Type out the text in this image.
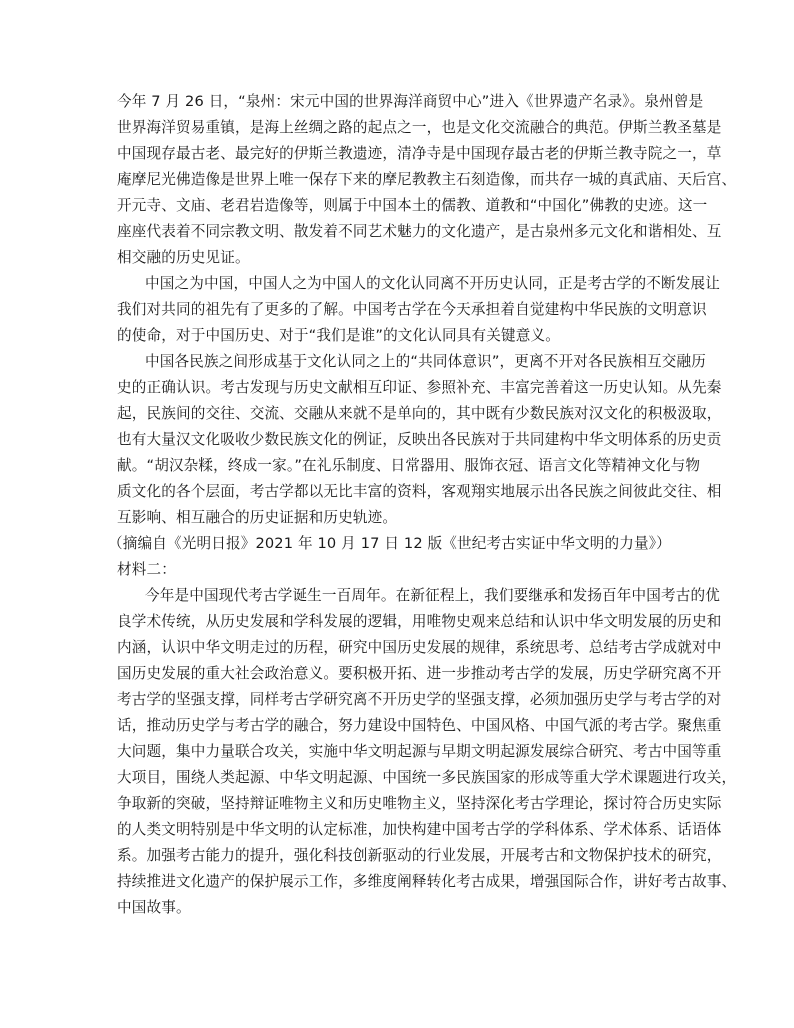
今年 7 月 26 日，“泉州：宋元中国的世界海洋商贸中心”进入《世界遗产名录》。泉州曾是
世界海洋贸易重镇，是海上丝绸之路的起点之一，也是文化交流融合的典范。伊斯兰教圣墓是
中国现存最古老、最完好的伊斯兰教遗迹，清净寺是中国现存最古老的伊斯兰教寺院之一，草
庵摩尼光佛造像是世界上唯一保存下来的摩尼教教主石刻造像，而共存一城的真武庙、天后宫、
开元寺、文庙、老君岩造像等，则属于中国本土的儒教、道教和“中国化”佛教的史迹。这一
座座代表着不同宗教文明、散发着不同艺术魅力的文化遗产，是古泉州多元文化和谐相处、互
相交融的历史见证。
中国之为中国，中国人之为中国人的文化认同离不开历史认同，正是考古学的不断发展让
我们对共同的祖先有了更多的了解。中国考古学在今天承担着自觉建构中华民族的文明意识
的使命，对于中国历史、对于“我们是谁”的文化认同具有关键意义。
中国各民族之间形成基于文化认同之上的“共同体意识”，更离不开对各民族相互交融历
史的正确认识。考古发现与历史文献相互印证、参照补充、丰富完善着这一历史认知。从先秦
起，民族间的交往、交流、交融从来就不是单向的，其中既有少数民族对汉文化的积极汲取，
也有大量汉文化吸收少数民族文化的例证，反映出各民族对于共同建构中华文明体系的历史贡
献。“胡汉杂糅，终成一家。”在礼乐制度、日常器用、服饰衣冠、语言文化等精神文化与物
质文化的各个层面，考古学都以无比丰富的资料，客观翔实地展示出各民族之间彼此交往、相
互影响、相互融合的历史证据和历史轨迹。
（摘编自《光明日报》2021 年 10 月 17 日 12 版《世纪考古实证中华文明的力量》）
材料二：
今年是中国现代考古学诞生一百周年。在新征程上，我们要继承和发扬百年中国考古的优
良学术传统，从历史发展和学科发展的逻辑，用唯物史观来总结和认识中华文明发展的历史和
内涵，认识中华文明走过的历程，研究中国历史发展的规律，系统思考、总结考古学成就对中
国历史发展的重大社会政治意义。要积极开拓、进一步推动考古学的发展，历史学研究离不开
考古学的坚强支撑，同样考古学研究离不开历史学的坚强支撑，必须加强历史学与考古学的对
话，推动历史学与考古学的融合，努力建设中国特色、中国风格、中国气派的考古学。聚焦重
大问题，集中力量联合攻关，实施中华文明起源与早期文明起源发展综合研究、考古中国等重
大项目，围绕人类起源、中华文明起源、中国统一多民族国家的形成等重大学术课题进行攻关，
争取新的突破，坚持辩证唯物主义和历史唯物主义，坚持深化考古学理论，探讨符合历史实际
的人类文明特别是中华文明的认定标准，加快构建中国考古学的学科体系、学术体系、话语体
系。加强考古能力的提升，强化科技创新驱动的行业发展，开展考古和文物保护技术的研究，
持续推进文化遗产的保护展示工作，多维度阐释转化考古成果，增强国际合作，讲好考古故事、
中国故事。
